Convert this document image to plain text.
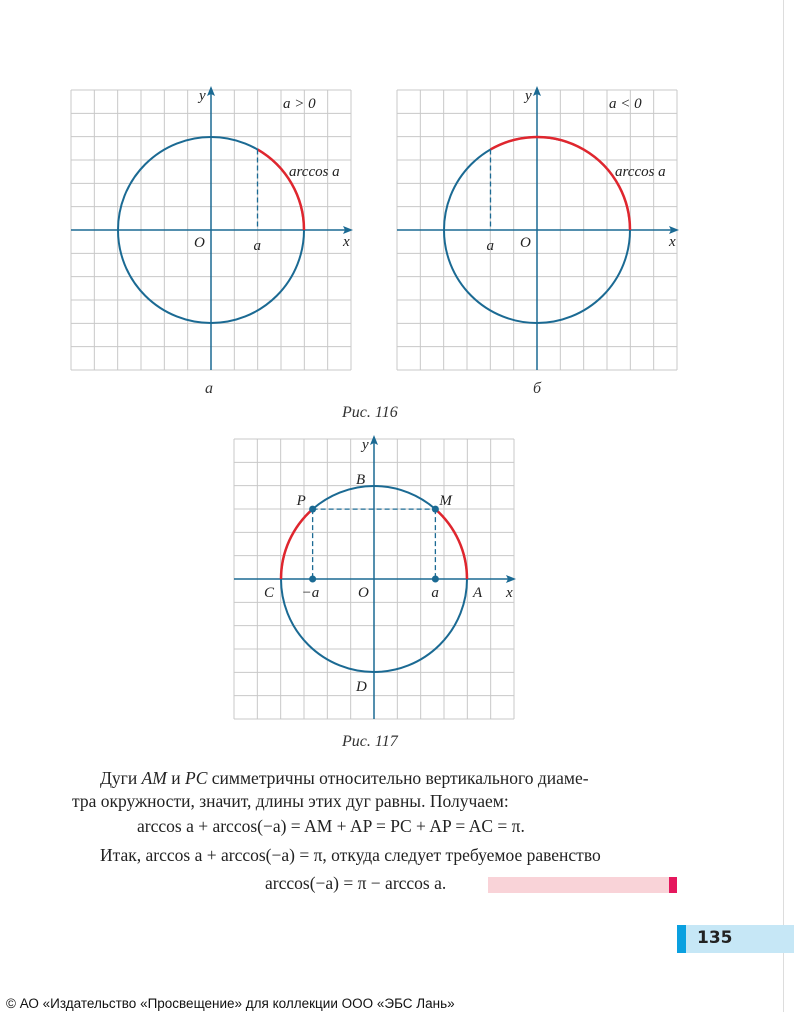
y
x
O	a
a > 0
arccos a
y
x
O
a
a < 0
arccos a
а	б
Рис. 116
y
x
O	A
B
C
D
M
P
a
−a
Рис. 117
Дуги AM и PC симметричны относительно вертикального диаме-
тра окружности, значит, длины этих дуг равны. Получаем:
arccos a + arccos(−a) = AM + AP = PC + AP = AC = π.
Итак, arccos a + arccos(−a) = π, откуда следует требуемое равенство
arccos(−a) = π − arccos a.
135
© АО «Издательство «Просвещение» для коллекции ООО «ЭБС Лань»
